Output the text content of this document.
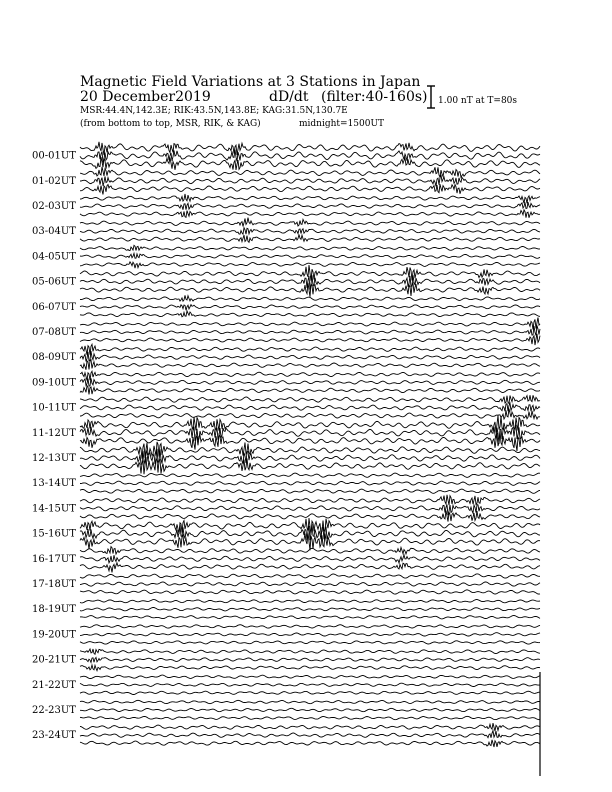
Magnetic Field Variations at 3 Stations in Japan
20 December2019	dD/dt (filter:40-160s)
MSR:44.4N,142.3E; RIK:43.5N,143.8E; KAG:31.5N,130.7E
(from bottom to top, MSR, RIK, & KAG)	midnight=1500UT
1.00 nT at T=80s
00-01UT
01-02UT
02-03UT
03-04UT
04-05UT
05-06UT
06-07UT
07-08UT
08-09UT
09-10UT
10-11UT
11-12UT
12-13UT
13-14UT
14-15UT
15-16UT
16-17UT
17-18UT
18-19UT
19-20UT
20-21UT
21-22UT
22-23UT
23-24UT
